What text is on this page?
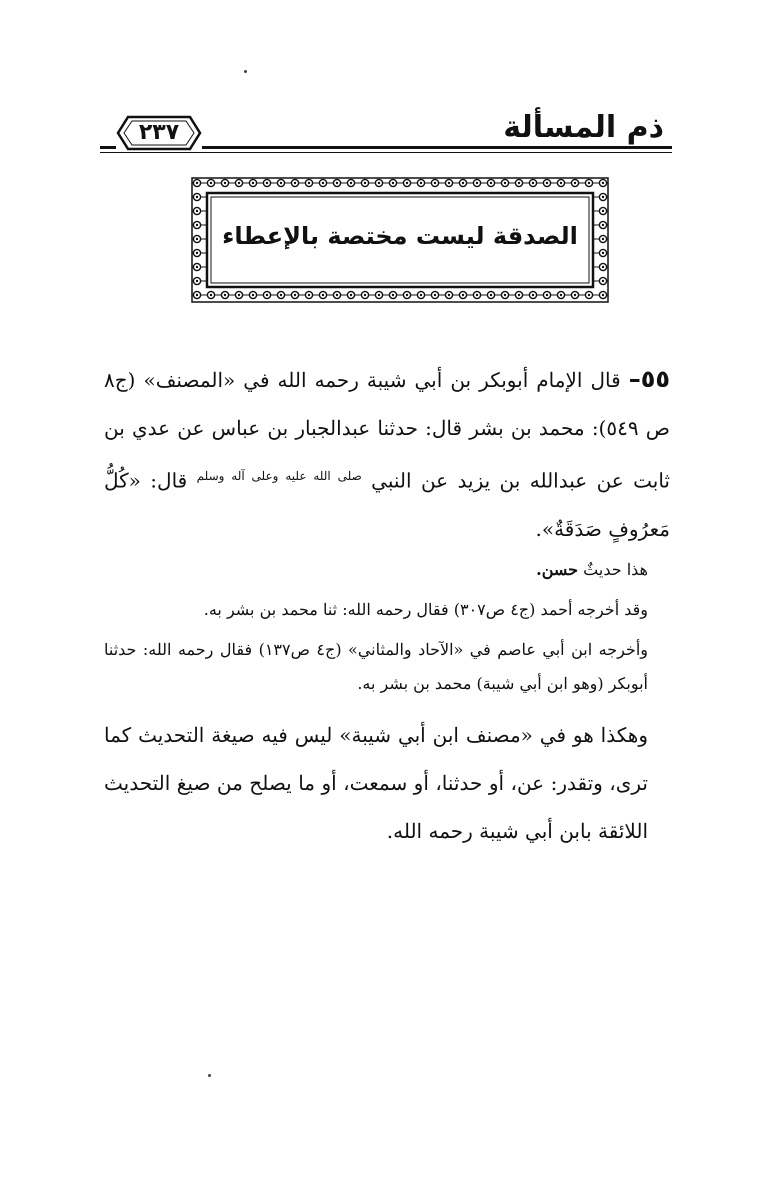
ذم المسألة
٢٣٧
الصدقة ليست مختصة بالإعطاء

٥٥– قال الإمام أبوبكر بن أبي شيبة رحمه الله في «المصنف» (ج٨ ص ٥٤٩): محمد بن بشر قال: حدثنا عبدالجبار بن عباس عن عدي بن ثابت عن عبدالله بن يزيد عن النبي $^{صلى الله عليه وعلى آله وسلم}$ قال: «كُلُّ مَعرُوفٍ صَدَقَةٌ».

هذا حديثٌ حسن.

وقد أخرجه أحمد (ج٤ ص٣٠٧) فقال رحمه الله: ثنا محمد بن بشر به.

وأخرجه ابن أبي عاصم في «الآحاد والمثاني» (ج٤ ص١٣٧) فقال رحمه الله: حدثنا أبوبكر (وهو ابن أبي شيبة) محمد بن بشر به.

وهكذا هو في «مصنف ابن أبي شيبة» ليس فيه صيغة التحديث كما ترى، وتقدر: عن، أو حدثنا، أو سمعت، أو ما يصلح من صيغ التحديث اللائقة بابن أبي شيبة رحمه الله.
